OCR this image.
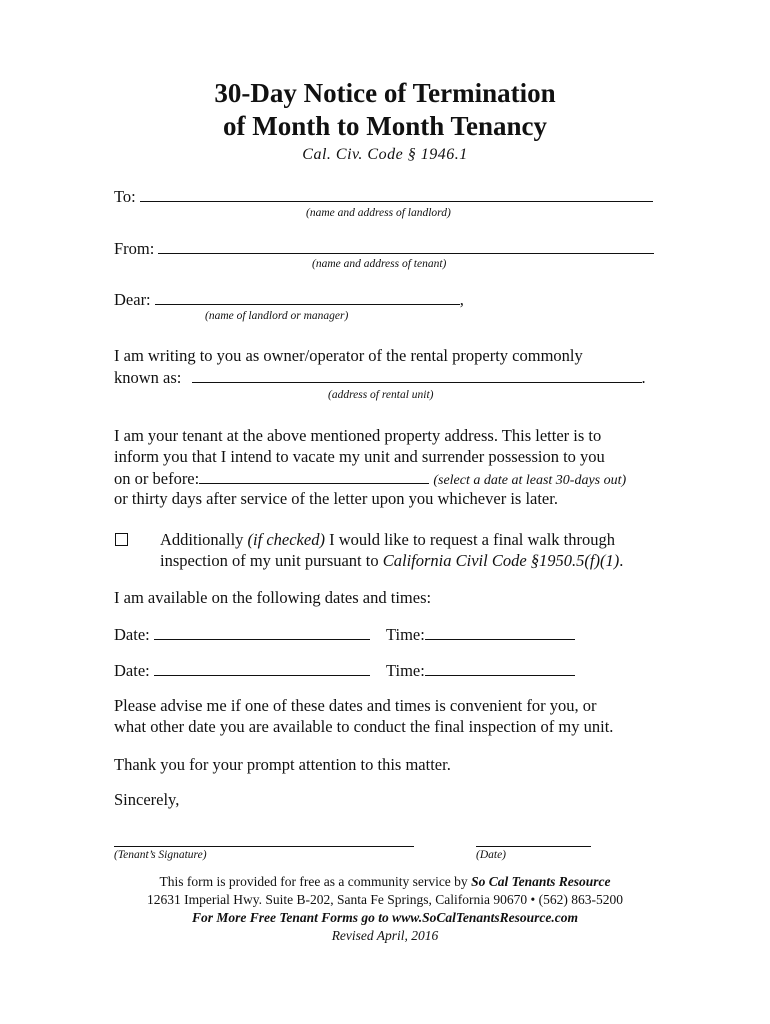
30-Day Notice of Termination
of Month to Month Tenancy
Cal. Civ. Code § 1946.1
To:
(name and address of landlord)
From:
(name and address of tenant)
Dear:	,
(name of landlord or manager)
I am writing to you as owner/operator of the rental property commonly
known as:	.
(address of rental unit)
I am your tenant at the above mentioned property address. This letter is to
inform you that I intend to vacate my unit and surrender possession to you
on or before:	(select a date at least 30-days out)
or thirty days after service of the letter upon you whichever is later.
Additionally (if checked) I would like to request a final walk through
inspection of my unit pursuant to California Civil Code §1950.5(f)(1).
I am available on the following dates and times:
Date:	Time:
Date:	Time:
Please advise me if one of these dates and times is convenient for you, or
what other date you are available to conduct the final inspection of my unit.
Thank you for your prompt attention to this matter.
Sincerely,
(Tenant’s Signature)	(Date)
This form is provided for free as a community service by So Cal Tenants Resource
12631 Imperial Hwy. Suite B-202, Santa Fe Springs, California 90670 • (562) 863-5200
For More Free Tenant Forms go to www.SoCalTenantsResource.com
Revised April, 2016
